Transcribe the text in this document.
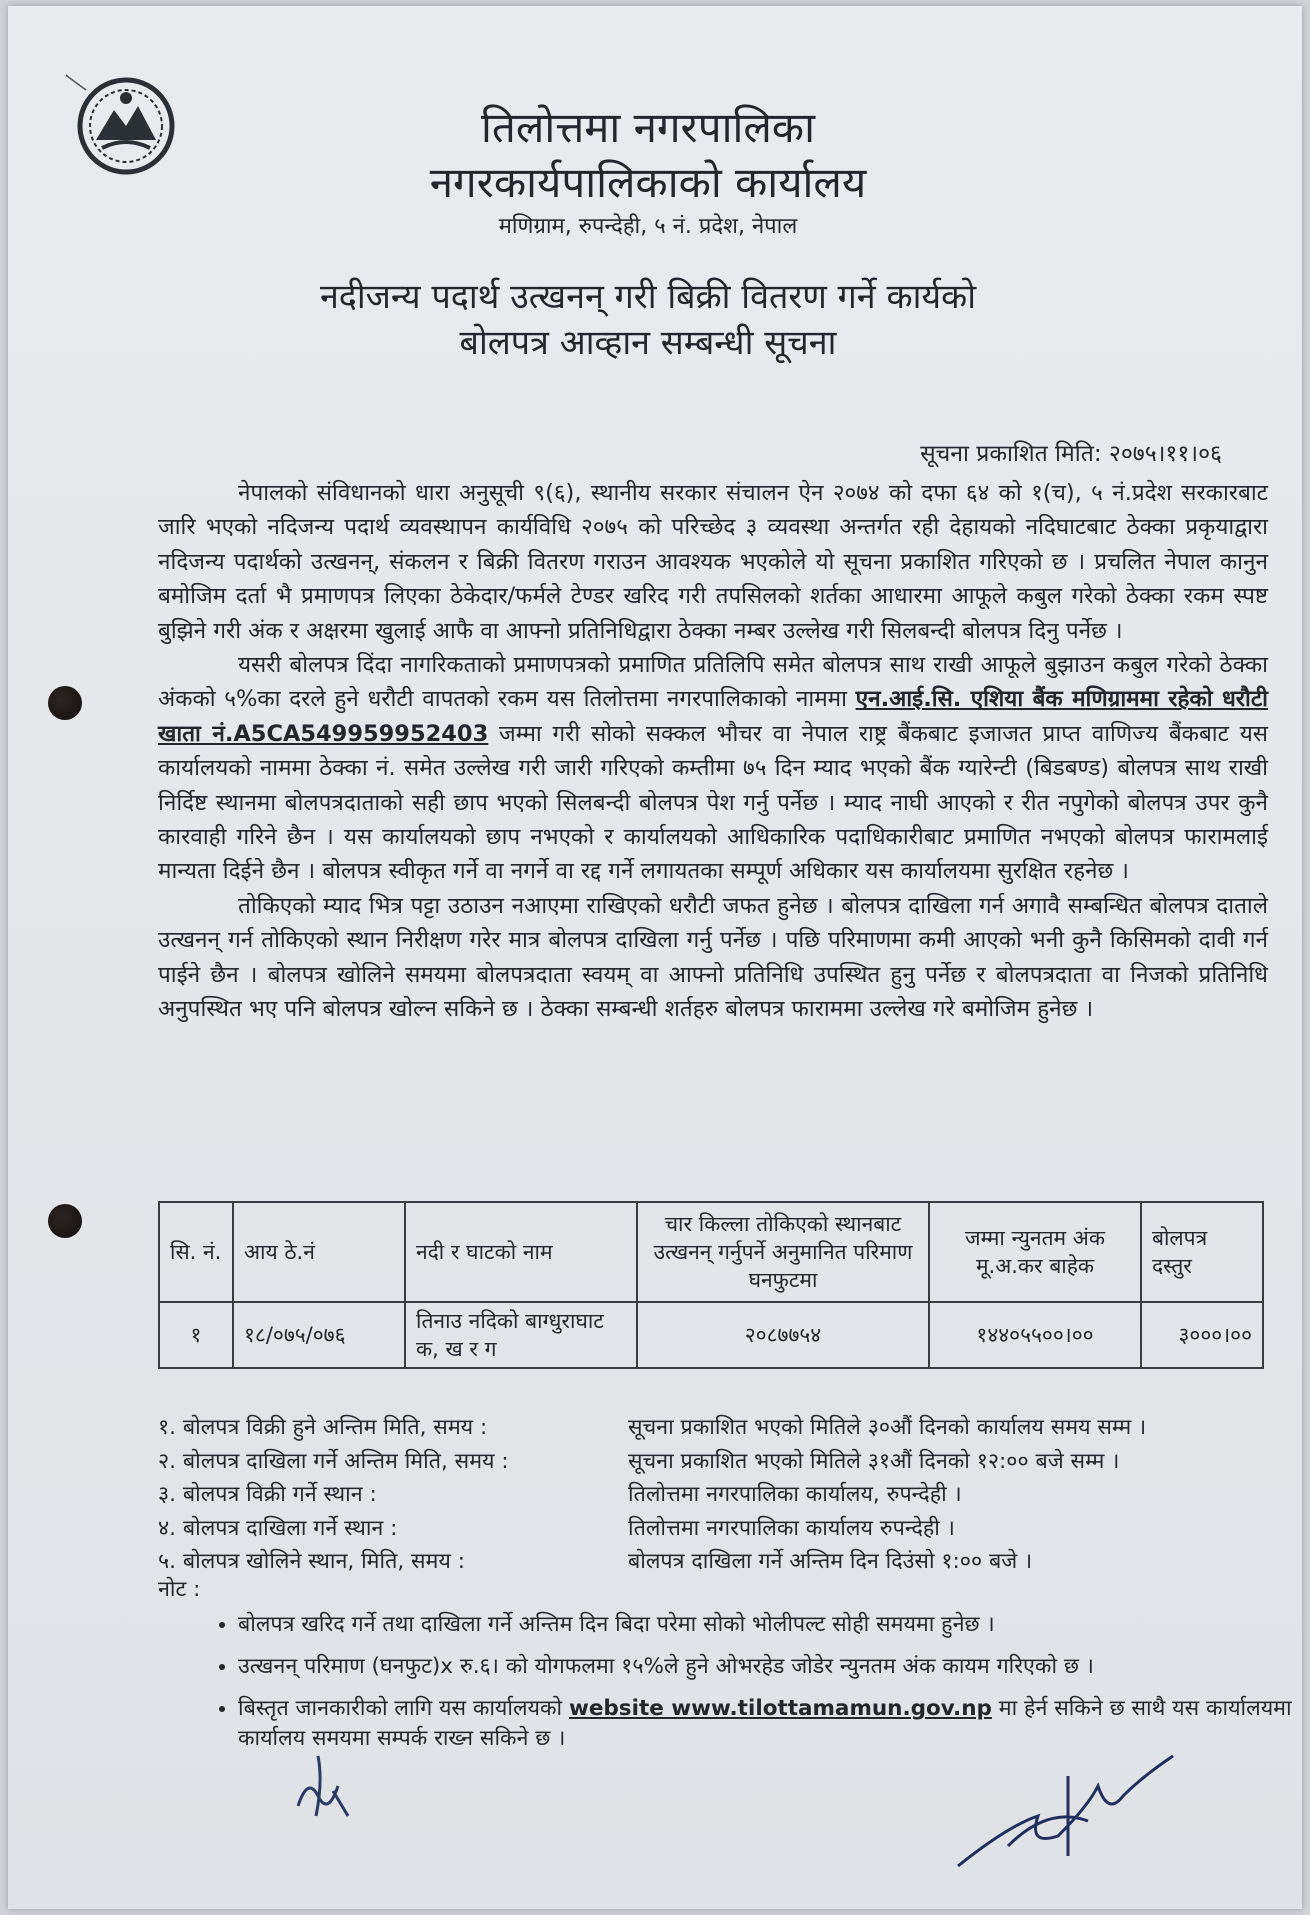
तिलोत्तमा नगरपालिका
नगरकार्यपालिकाको कार्यालय
मणिग्राम, रुपन्देही, ५ नं. प्रदेश, नेपाल
नदीजन्य पदार्थ उत्खनन् गरी बिक्री वितरण गर्ने कार्यको
बोलपत्र आव्हान सम्बन्धी सूचना
सूचना प्रकाशित मिति: २०७५।११।०६

नेपालको संविधानको धारा अनुसूची ९(६), स्थानीय सरकार संचालन ऐन २०७४ को दफा ६४ को १(च), ५ नं.प्रदेश सरकारबाट जारि भएको नदिजन्य पदार्थ व्यवस्थापन कार्यविधि २०७५ को परिच्छेद ३ व्यवस्था अन्तर्गत रही देहायको नदिघाटबाट ठेक्का प्रकृयाद्वारा नदिजन्य पदार्थको उत्खनन्, संकलन र बिक्री वितरण गराउन आवश्यक भएकोले यो सूचना प्रकाशित गरिएको छ । प्रचलित नेपाल कानुन बमोजिम दर्ता भै प्रमाणपत्र लिएका ठेकेदार/फर्मले टेण्डर खरिद गरी तपसिलको शर्तका आधारमा आफूले कबुल गरेको ठेक्का रकम स्पष्ट बुझिने गरी अंक र अक्षरमा खुलाई आफै वा आफ्नो प्रतिनिधिद्वारा ठेक्का नम्बर उल्लेख गरी सिलबन्दी बोलपत्र दिनु पर्नेछ ।

यसरी बोलपत्र दिंदा नागरिकताको प्रमाणपत्रको प्रमाणित प्रतिलिपि समेत बोलपत्र साथ राखी आफूले बुझाउन कबुल गरेको ठेक्का अंकको ५%का दरले हुने धरौटी वापतको रकम यस तिलोत्तमा नगरपालिकाको नाममा एन.आई.सि. एशिया बैंक मणिग्राममा रहेको धरौटी खाता नं.A5CA549959952403 जम्मा गरी सोको सक्कल भौचर वा नेपाल राष्ट्र बैंकबाट इजाजत प्राप्त वाणिज्य बैंकबाट यस कार्यालयको नाममा ठेक्का नं. समेत उल्लेख गरी जारी गरिएको कम्तीमा ७५ दिन म्याद भएको बैंक ग्यारेन्टी (बिडबण्ड) बोलपत्र साथ राखी निर्दिष्ट स्थानमा बोलपत्रदाताको सही छाप भएको सिलबन्दी बोलपत्र पेश गर्नु पर्नेछ । म्याद नाघी आएको र रीत नपुगेको बोलपत्र उपर कुनै कारवाही गरिने छैन । यस कार्यालयको छाप नभएको र कार्यालयको आधिकारिक पदाधिकारीबाट प्रमाणित नभएको बोलपत्र फारामलाई मान्यता दिईने छैन । बोलपत्र स्वीकृत गर्ने वा नगर्ने वा रद्द गर्ने लगायतका सम्पूर्ण अधिकार यस कार्यालयमा सुरक्षित रहनेछ ।

तोकिएको म्याद भित्र पट्टा उठाउन नआएमा राखिएको धरौटी जफत हुनेछ । बोलपत्र दाखिला गर्न अगावै सम्बन्धित बोलपत्र दाताले उत्खनन् गर्न तोकिएको स्थान निरीक्षण गरेर मात्र बोलपत्र दाखिला गर्नु पर्नेछ । पछि परिमाणमा कमी आएको भनी कुनै किसिमको दावी गर्न पाईने छैन । बोलपत्र खोलिने समयमा बोलपत्रदाता स्वयम् वा आफ्नो प्रतिनिधि उपस्थित हुनु पर्नेछ र बोलपत्रदाता वा निजको प्रतिनिधि अनुपस्थित भए पनि बोलपत्र खोल्न सकिने छ । ठेक्का सम्बन्धी शर्तहरु बोलपत्र फाराममा उल्लेख गरे बमोजिम हुनेछ ।

सि. नं.	आय ठे.नं	नदी र घाटको नाम	चार किल्ला तोकिएको स्थानबाट उत्खनन् गर्नुपर्ने अनुमानित परिमाण घनफुटमा	जम्मा न्युनतम अंक मू.अ.कर बाहेक	बोलपत्र दस्तुर
१	१८/०७५/०७६	तिनाउ नदिको बाग्धुराघाट क, ख र ग	२०८७७५४	१४४०५५००।००	३०००।००
१. बोलपत्र विक्री हुने अन्तिम मिति, समय :	सूचना प्रकाशित भएको मितिले ३०औं दिनको कार्यालय समय सम्म ।
२. बोलपत्र दाखिला गर्ने अन्तिम मिति, समय :	सूचना प्रकाशित भएको मितिले ३१औं दिनको १२:०० बजे सम्म ।
३. बोलपत्र विक्री गर्ने स्थान :	तिलोत्तमा नगरपालिका कार्यालय, रुपन्देही ।
४. बोलपत्र दाखिला गर्ने स्थान :	तिलोत्तमा नगरपालिका कार्यालय रुपन्देही ।
५. बोलपत्र खोलिने स्थान, मिति, समय :	बोलपत्र दाखिला गर्ने अन्तिम दिन दिउंसो १:०० बजे ।
नोट :
• बोलपत्र खरिद गर्ने तथा दाखिला गर्ने अन्तिम दिन बिदा परेमा सोको भोलीपल्ट सोही समयमा हुनेछ ।
• उत्खनन् परिमाण (घनफुट)x रु.६। को योगफलमा १५%ले हुने ओभरहेड जोडेर न्युनतम अंक कायम गरिएको छ ।
• बिस्तृत जानकारीको लागि यस कार्यालयको website www.tilottamamun.gov.np मा हेर्न सकिने छ साथै यस कार्यालयमा कार्यालय समयमा सम्पर्क राख्न सकिने छ ।
